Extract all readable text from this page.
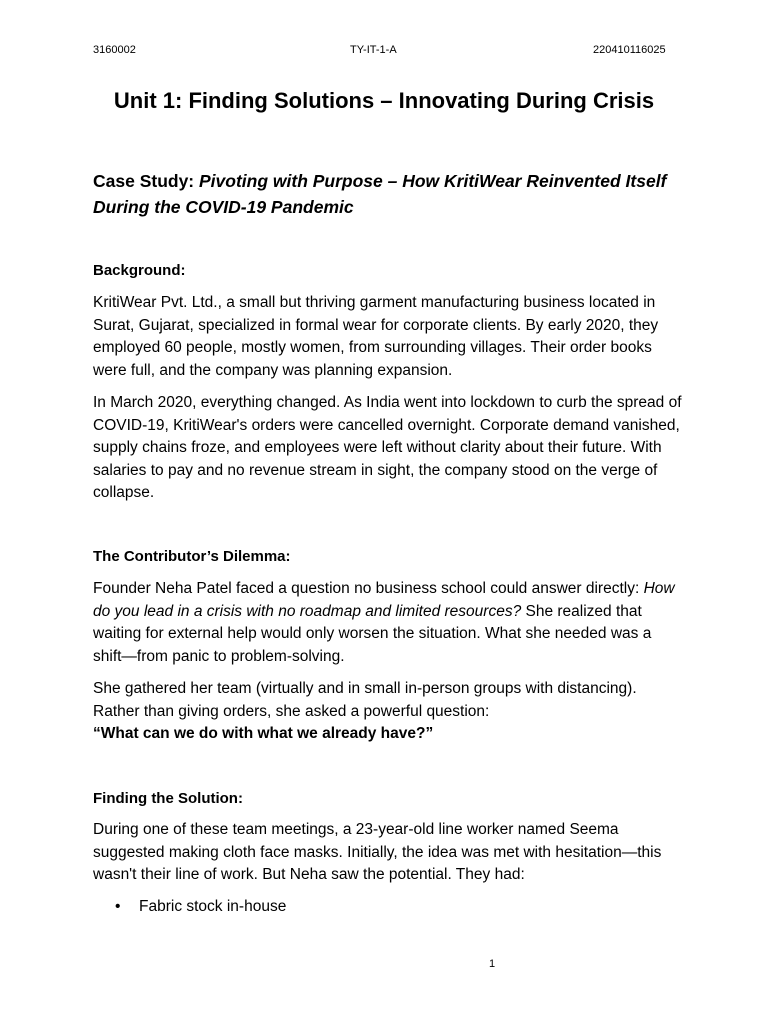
3160002	TY-IT-1-A	220410116025
Unit 1: Finding Solutions – Innovating During Crisis

Case Study: Pivoting with Purpose – How KritiWear Reinvented Itself During the COVID-19 Pandemic

Background:

KritiWear Pvt. Ltd., a small but thriving garment manufacturing business located in Surat, Gujarat, specialized in formal wear for corporate clients. By early 2020, they employed 60 people, mostly women, from surrounding villages. Their order books were full, and the company was planning expansion.

In March 2020, everything changed. As India went into lockdown to curb the spread of COVID-19, KritiWear's orders were cancelled overnight. Corporate demand vanished, supply chains froze, and employees were left without clarity about their future. With salaries to pay and no revenue stream in sight, the company stood on the verge of collapse.

The Contributor’s Dilemma:

Founder Neha Patel faced a question no business school could answer directly: How do you lead in a crisis with no roadmap and limited resources? She realized that waiting for external help would only worsen the situation. What she needed was a shift—from panic to problem-solving.

She gathered her team (virtually and in small in-person groups with distancing). Rather than giving orders, she asked a powerful question:
“What can we do with what we already have?”

Finding the Solution:

During one of these team meetings, a 23-year-old line worker named Seema suggested making cloth face masks. Initially, the idea was met with hesitation—this wasn't their line of work. But Neha saw the potential. They had:

• Fabric stock in-house
1
